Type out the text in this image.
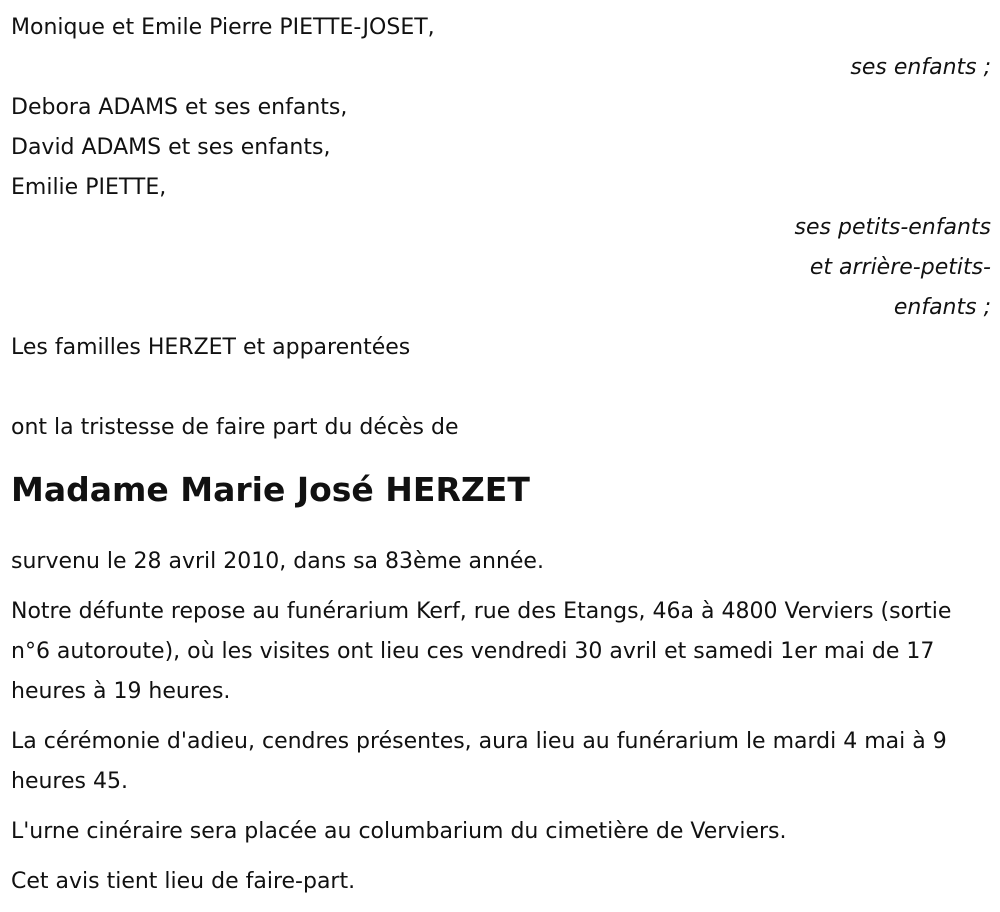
Monique et Emile Pierre PIETTE-JOSET,
ses enfants ;
Debora ADAMS et ses enfants,
David ADAMS et ses enfants,
Emilie PIETTE,
ses petits-enfants
et arrière-petits-
enfants ;
Les familles HERZET et apparentées
ont la tristesse de faire part du décès de
Madame Marie José HERZET

survenu le 28 avril 2010, dans sa 83ème année.

Notre défunte repose au funérarium Kerf, rue des Etangs, 46a à 4800 Verviers (sortie n°6 autoroute), où les visites ont lieu ces vendredi 30 avril et samedi 1er mai de 17 heures à 19 heures.

La cérémonie d'adieu, cendres présentes, aura lieu au funérarium le mardi 4 mai à 9 heures 45.

L'urne cinéraire sera placée au columbarium du cimetière de Verviers.

Cet avis tient lieu de faire-part.
